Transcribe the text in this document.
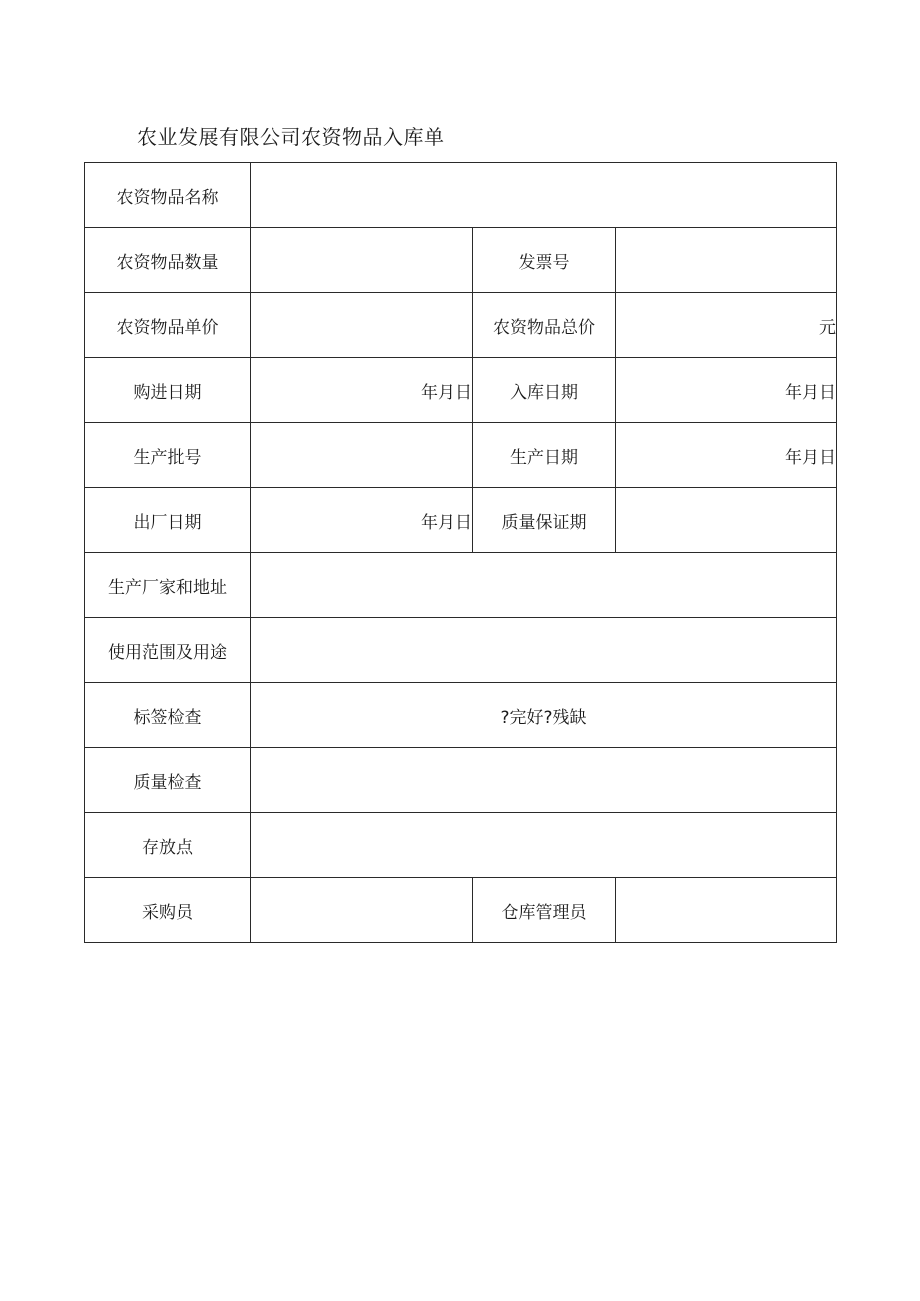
农业发展有限公司农资物品入库单
农资物品名称			
农资物品数量		发票号	
农资物品单价		农资物品总价	元
购进日期	年月日	入库日期	年月日
生产批号		生产日期	年月日
出厂日期	年月日	质量保证期	
生产厂家和地址			
使用范围及用途			
标签检查	?完好?残缺		
质量检查			
存放点			
采购员		仓库管理员	
